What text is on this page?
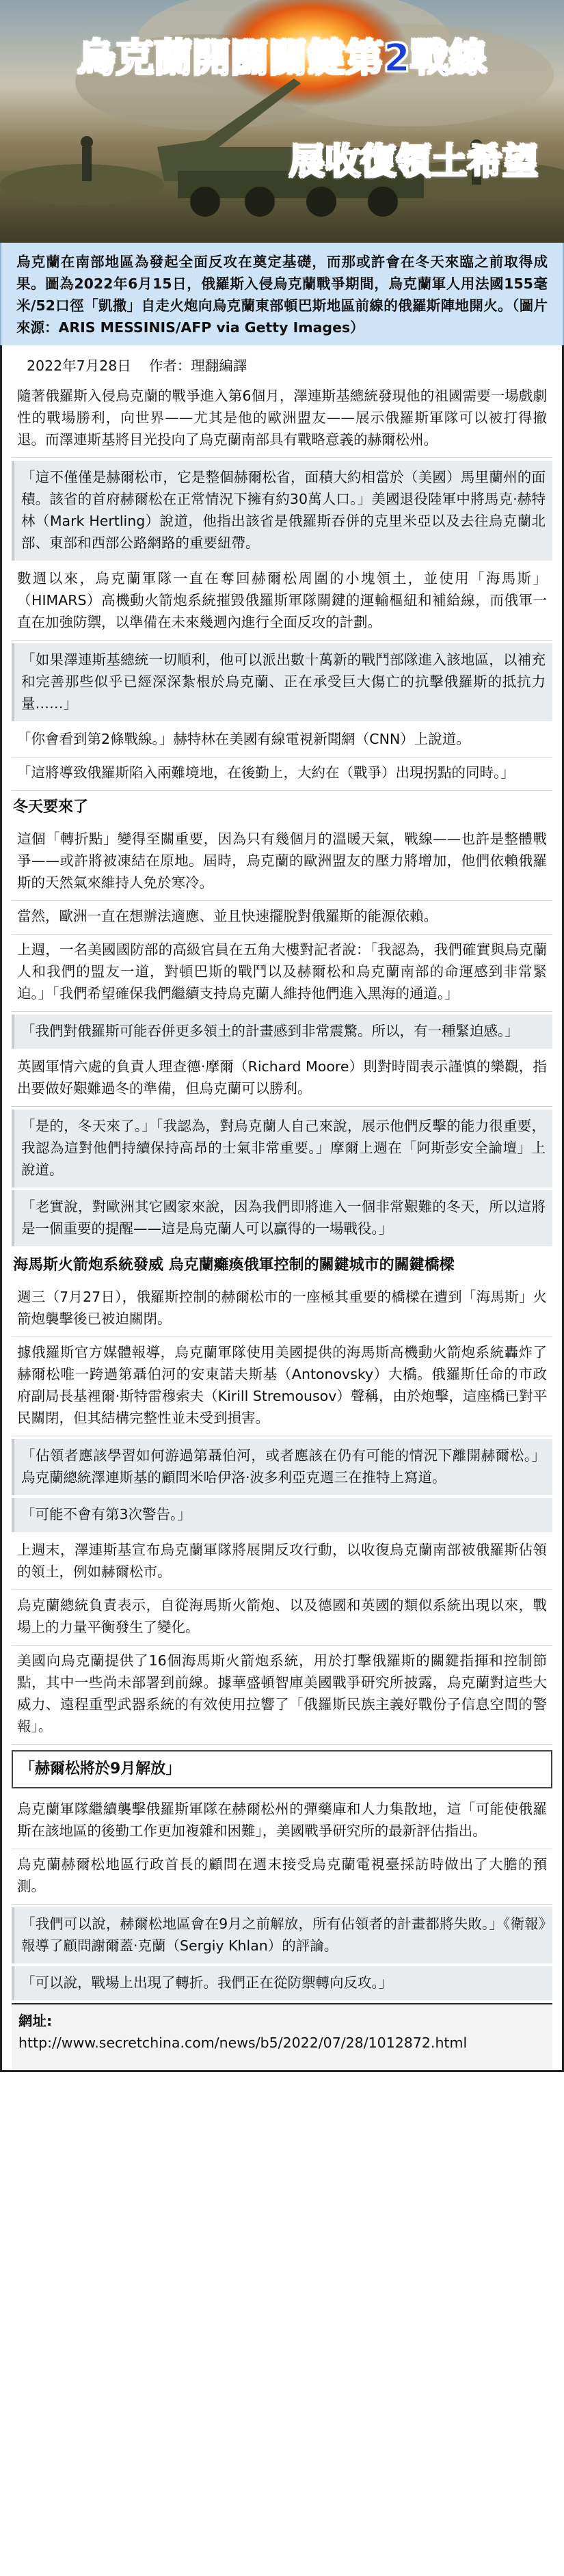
烏克蘭開闢關鍵第2戰線
展收復領土希望
烏克蘭在南部地區為發起全面反攻在奠定基礎，而那或許會在冬天來臨之前取得成果。圖為2022年6月15日，俄羅斯入侵烏克蘭戰爭期間，烏克蘭軍人用法國155毫米/52口徑「凱撒」自走火炮向烏克蘭東部頓巴斯地區前線的俄羅斯陣地開火。（圖片來源：ARIS MESSINIS/AFP via Getty Images）
2022年7月28日 作者：理翻編譯

隨著俄羅斯入侵烏克蘭的戰爭進入第6個月，澤連斯基總統發現他的祖國需要一場戲劇性的戰場勝利，向世界——尤其是他的歐洲盟友——展示俄羅斯軍隊可以被打得撤退。而澤連斯基將目光投向了烏克蘭南部具有戰略意義的赫爾松州。

「這不僅僅是赫爾松市，它是整個赫爾松省，面積大約相當於（美國）馬里蘭州的面積。該省的首府赫爾松在正常情況下擁有約30萬人口。」美國退役陸軍中將馬克‧赫特林（Mark Hertling）說道，他指出該省是俄羅斯吞併的克里米亞以及去往烏克蘭北部、東部和西部公路網路的重要紐帶。

數週以來，烏克蘭軍隊一直在奪回赫爾松周圍的小塊領土，並使用「海馬斯」（HIMARS）高機動火箭炮系統摧毀俄羅斯軍隊關鍵的運輸樞紐和補給線，而俄軍一直在加強防禦，以準備在未來幾週內進行全面反攻的計劃。

「如果澤連斯基總統一切順利，他可以派出數十萬新的戰鬥部隊進入該地區，以補充和完善那些似乎已經深深紮根於烏克蘭、正在承受巨大傷亡的抗擊俄羅斯的抵抗力量……」

「你會看到第2條戰線。」赫特林在美國有線電視新聞網（CNN）上說道。

「這將導致俄羅斯陷入兩難境地，在後勤上，大約在（戰爭）出現拐點的同時。」

冬天要來了

這個「轉折點」變得至關重要，因為只有幾個月的溫暖天氣，戰線——也許是整體戰爭——或許將被凍結在原地。屆時，烏克蘭的歐洲盟友的壓力將增加，他們依賴俄羅斯的天然氣來維持人免於寒冷。

當然，歐洲一直在想辦法適應、並且快速擺脫對俄羅斯的能源依賴。

上週，一名美國國防部的高級官員在五角大樓對記者說：「我認為，我們確實與烏克蘭人和我們的盟友一道，對頓巴斯的戰鬥以及赫爾松和烏克蘭南部的命運感到非常緊迫。」「我們希望確保我們繼續支持烏克蘭人維持他們進入黑海的通道。」

「我們對俄羅斯可能吞併更多領土的計畫感到非常震驚。所以，有一種緊迫感。」

英國軍情六處的負責人理查德‧摩爾（Richard Moore）則對時間表示謹慎的樂觀，指出要做好艱難過冬的準備，但烏克蘭可以勝利。

「是的，冬天來了。」「我認為，對烏克蘭人自己來說，展示他們反擊的能力很重要，我認為這對他們持續保持高昂的士氣非常重要。」摩爾上週在「阿斯彭安全論壇」上說道。

「老實說，對歐洲其它國家來說，因為我們即將進入一個非常艱難的冬天，所以這將是一個重要的提醒——這是烏克蘭人可以贏得的一場戰役。」

海馬斯火箭炮系統發威 烏克蘭癱瘓俄軍控制的關鍵城市的關鍵橋樑

週三（7月27日），俄羅斯控制的赫爾松市的一座極其重要的橋樑在遭到「海馬斯」火箭炮襲擊後已被迫關閉。

據俄羅斯官方媒體報導，烏克蘭軍隊使用美國提供的海馬斯高機動火箭炮系統轟炸了赫爾松唯一跨過第聶伯河的安東諾夫斯基（Antonovsky）大橋。俄羅斯任命的市政府副局長基裡爾‧斯特雷穆索夫（Kirill Stremousov）聲稱，由於炮擊，這座橋已對平民關閉，但其結構完整性並未受到損害。

「佔領者應該學習如何游過第聶伯河，或者應該在仍有可能的情況下離開赫爾松。」烏克蘭總統澤連斯基的顧問米哈伊洛‧波多利亞克週三在推特上寫道。

「可能不會有第3次警告。」

上週末，澤連斯基宣布烏克蘭軍隊將展開反攻行動，以收復烏克蘭南部被俄羅斯佔領的領土，例如赫爾松市。

烏克蘭總統負責表示，自從海馬斯火箭炮、以及德國和英國的類似系統出現以來，戰場上的力量平衡發生了變化。

美國向烏克蘭提供了16個海馬斯火箭炮系統，用於打擊俄羅斯的關鍵指揮和控制節點，其中一些尚未部署到前線。據華盛頓智庫美國戰爭研究所披露，烏克蘭對這些大威力、遠程重型武器系統的有效使用拉響了「俄羅斯民族主義好戰份子信息空間的警報」。

「赫爾松將於9月解放」

烏克蘭軍隊繼續襲擊俄羅斯軍隊在赫爾松州的彈藥庫和人力集散地，這「可能使俄羅斯在該地區的後勤工作更加複雜和困難」，美國戰爭研究所的最新評估指出。

烏克蘭赫爾松地區行政首長的顧問在週末接受烏克蘭電視臺採訪時做出了大膽的預測。

「我們可以說，赫爾松地區會在9月之前解放，所有佔領者的計畫都將失敗。」《衛報》報導了顧問謝爾蓋‧克蘭（Sergiy Khlan）的評論。

「可以說，戰場上出現了轉折。我們正在從防禦轉向反攻。」

網址:
http://www.secretchina.com/news/b5/2022/07/28/1012872.html
